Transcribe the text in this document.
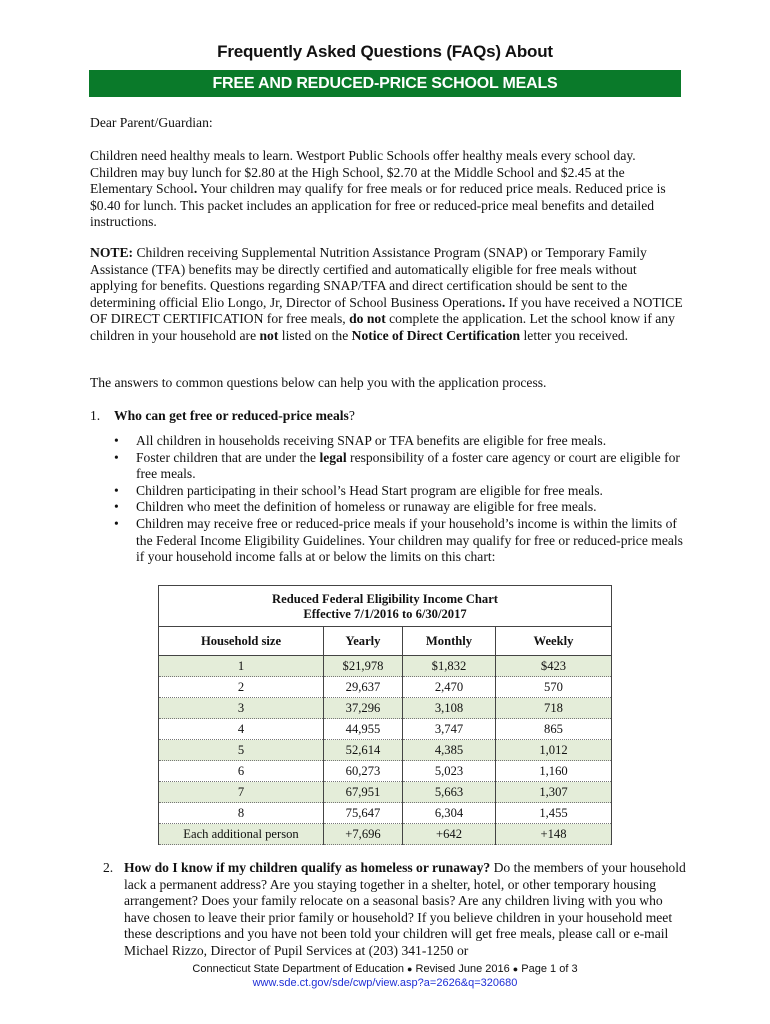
Frequently Asked Questions (FAQs) About
FREE AND REDUCED-PRICE SCHOOL MEALS

Dear Parent/Guardian:

Children need healthy meals to learn. Westport Public Schools offer healthy meals every school day. Children may buy lunch for $2.80 at the High School, $2.70 at the Middle School and $2.45 at the Elementary School. Your children may qualify for free meals or for reduced price meals. Reduced price is $0.40 for lunch. This packet includes an application for free or reduced-price meal benefits and detailed instructions.

NOTE: Children receiving Supplemental Nutrition Assistance Program (SNAP) or Temporary Family Assistance (TFA) benefits may be directly certified and automatically eligible for free meals without applying for benefits. Questions regarding SNAP/TFA and direct certification should be sent to the determining official Elio Longo, Jr, Director of School Business Operations. If you have received a NOTICE OF DIRECT CERTIFICATION for free meals, do not complete the application. Let the school know if any children in your household are not listed on the Notice of Direct Certification letter you received.

The answers to common questions below can help you with the application process.

1. Who can get free or reduced-price meals?

• All children in households receiving SNAP or TFA benefits are eligible for free meals.
• Foster children that are under the legal responsibility of a foster care agency or court are eligible for free meals.
• Children participating in their school’s Head Start program are eligible for free meals.
• Children who meet the definition of homeless or runaway are eligible for free meals.
• Children may receive free or reduced-price meals if your household’s income is within the limits of the Federal Income Eligibility Guidelines. Your children may qualify for free or reduced-price meals if your household income falls at or below the limits on this chart:
Reduced Federal Eligibility Income Chart
Effective 7/1/2016 to 6/30/2017			

Household size	Yearly	Monthly	Weekly
1	$21,978	$1,832	$423
2	29,637	2,470	570
3	37,296	3,108	718
4	44,955	3,747	865
5	52,614	4,385	1,012
6	60,273	5,023	1,160
7	67,951	5,663	1,307
8	75,647	6,304	1,455
Each additional person	+7,696	+642	+148
2. How do I know if my children qualify as homeless or runaway? Do the members of your household lack a permanent address? Are you staying together in a shelter, hotel, or other temporary housing arrangement? Does your family relocate on a seasonal basis? Are any children living with you who have chosen to leave their prior family or household? If you believe children in your household meet these descriptions and you have not been told your children will get free meals, please call or e-mail Michael Rizzo, Director of Pupil Services at (203) 341-1250 or

Connecticut State Department of Education ● Revised June 2016 ● Page 1 of 3
www.sde.ct.gov/sde/cwp/view.asp?a=2626&q=320680
